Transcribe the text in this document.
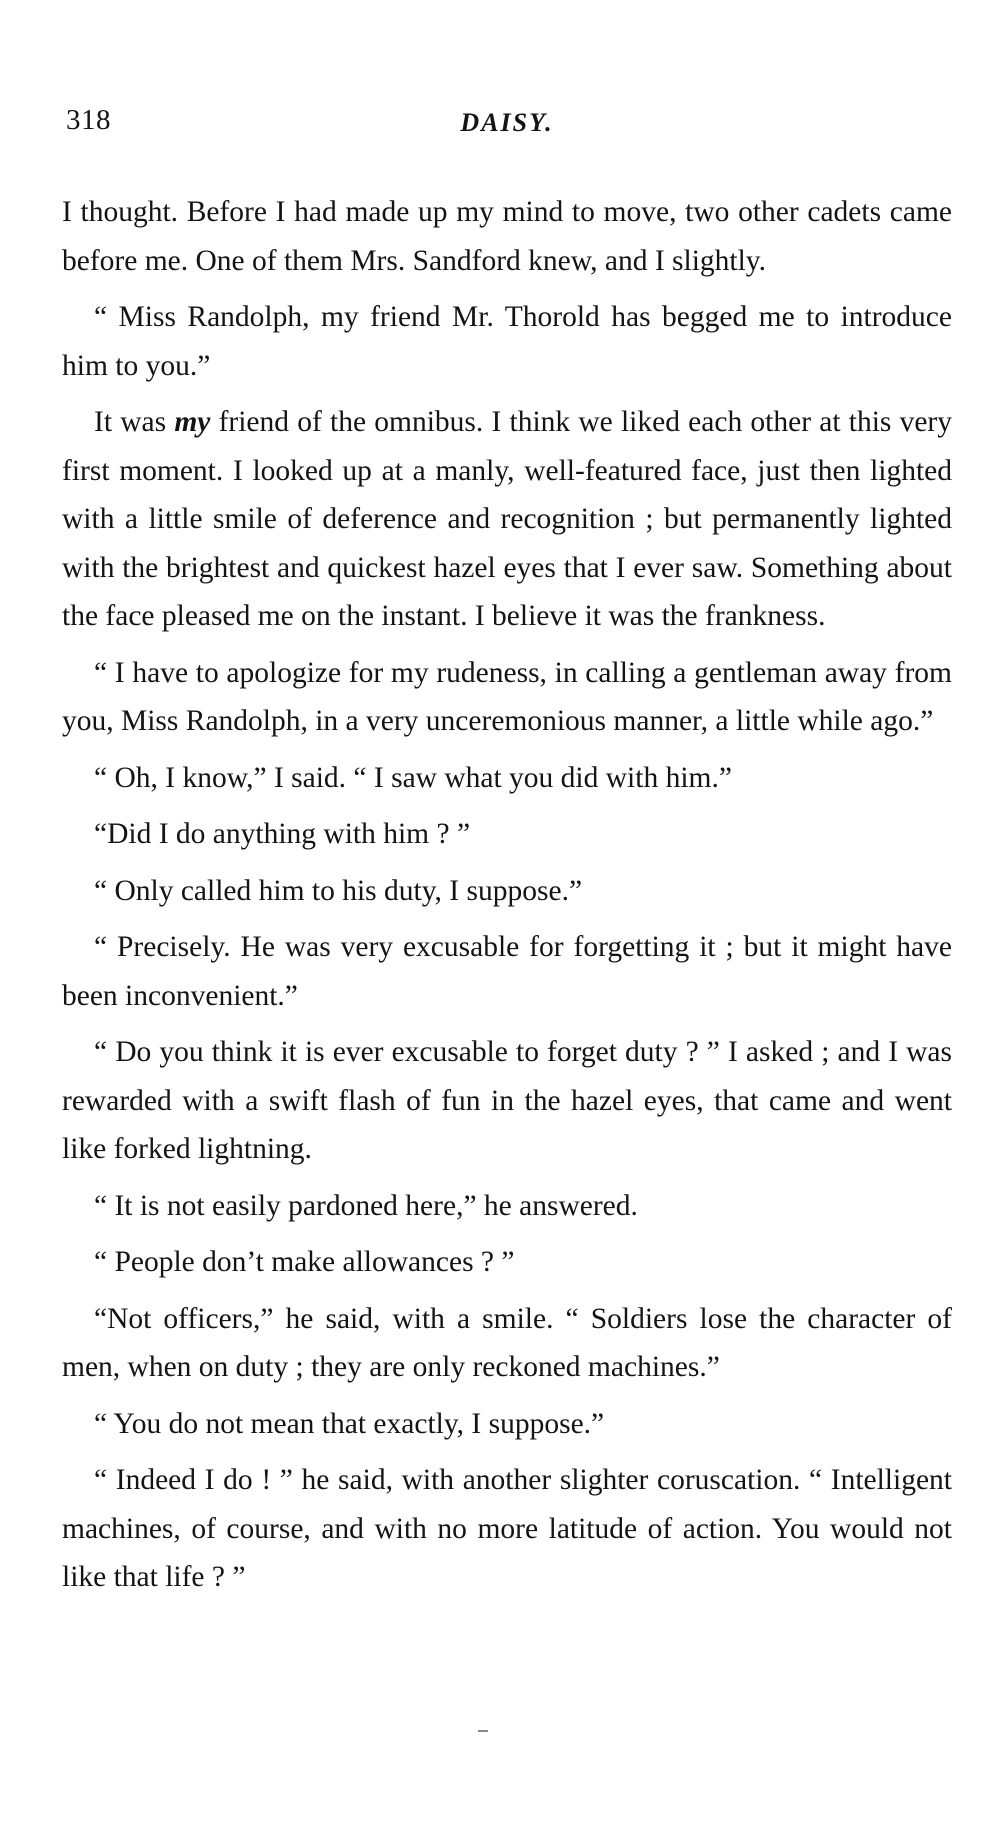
318	DAISY.

I thought. Before I had made up my mind to move, two other cadets came before me. One of them Mrs. Sandford knew, and I slightly.

“ Miss Randolph, my friend Mr. Thorold has begged me to introduce him to you.”

It was my friend of the omnibus. I think we liked each other at this very first moment. I looked up at a manly, well-featured face, just then lighted with a little smile of deference and recognition ; but permanently lighted with the brightest and quickest hazel eyes that I ever saw. Something about the face pleased me on the instant. I believe it was the frankness.

“ I have to apologize for my rudeness, in calling a gentleman away from you, Miss Randolph, in a very unceremonious manner, a little while ago.”

“ Oh, I know,” I said. “ I saw what you did with him.”

“Did I do anything with him ? ”

“ Only called him to his duty, I suppose.”

“ Precisely. He was very excusable for forgetting it ; but it might have been inconvenient.”

“ Do you think it is ever excusable to forget duty ? ” I asked ; and I was rewarded with a swift flash of fun in the hazel eyes, that came and went like forked lightning.

“ It is not easily pardoned here,” he answered.

“ People don’t make allowances ? ”

“Not officers,” he said, with a smile. “ Soldiers lose the character of men, when on duty ; they are only reckoned machines.”

“ You do not mean that exactly, I suppose.”

“ Indeed I do ! ” he said, with another slighter coruscation. “ Intelligent machines, of course, and with no more latitude of action. You would not like that life ? ”
